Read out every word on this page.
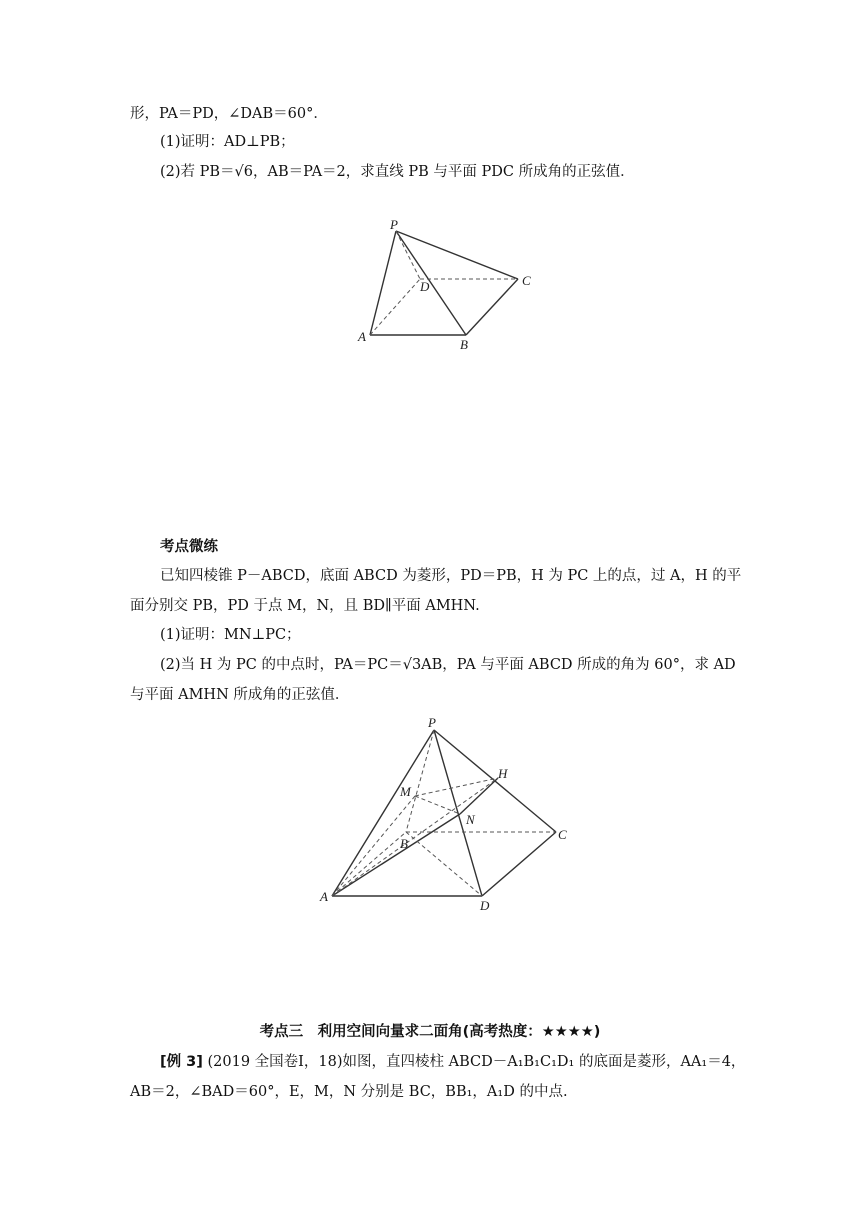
形，PA＝PD，∠DAB＝60°．
(1)证明：AD⊥PB；
(2)若 PB＝√6，AB＝PA＝2，求直线 PB 与平面 PDC 所成角的正弦值．
P
D	C
A
B
考点微练
已知四棱锥 P－ABCD，底面 ABCD 为菱形，PD＝PB，H 为 PC 上的点，过 A，H 的平
面分别交 PB，PD 于点 M，N，且 BD∥平面 AMHN.
(1)证明：MN⊥PC；
(2)当 H 为 PC 的中点时，PA＝PC＝√3AB，PA 与平面 ABCD 所成的角为 60°，求 AD
与平面 AMHN 所成角的正弦值．
P
H
M
N
B
C
A
D
考点三　利用空间向量求二面角(高考热度：★★★★)
[例 3] (2019 全国卷Ⅰ，18)如图，直四棱柱 ABCD－A₁B₁C₁D₁ 的底面是菱形，AA₁＝4，
AB＝2，∠BAD＝60°，E，M，N 分别是 BC，BB₁，A₁D 的中点.
